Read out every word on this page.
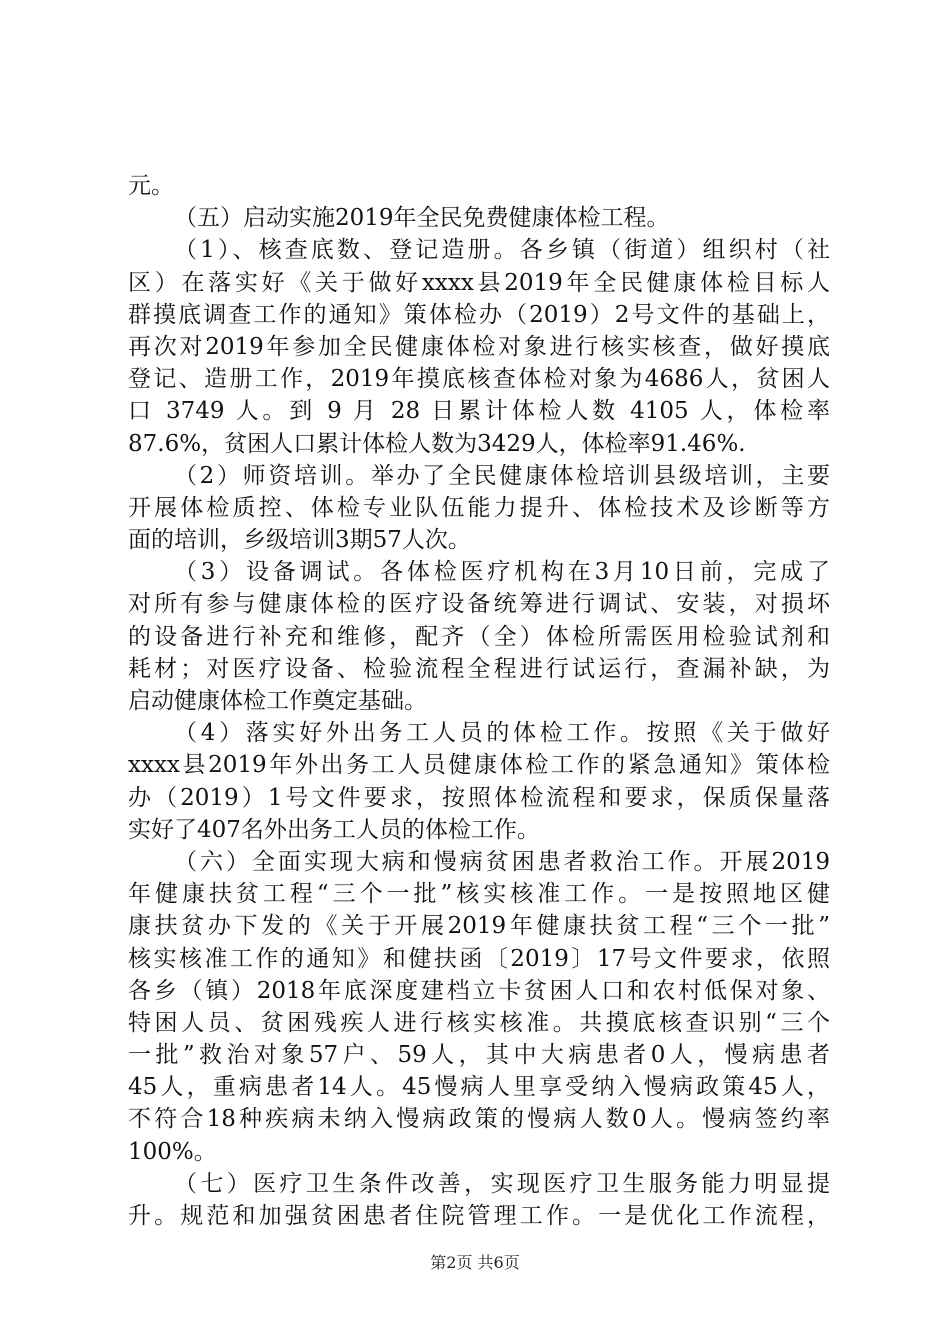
元。
（五）启动实施2019年全民免费健康体检工程。
（1）、核查底数、登记造册。各乡镇（街道）组织村（社
区）在落实好《关于做好xxxx县2019年全民健康体检目标人
群摸底调查工作的通知》策体检办（2019）2号文件的基础上，
再次对2019年参加全民健康体检对象进行核实核查，做好摸底
登记、造册工作，2019年摸底核查体检对象为4686人，贫困人
口 3749 人。到 9 月 28 日累计体检人数 4105 人，体检率
87.6%，贫困人口累计体检人数为3429人，体检率91.46%.
（2）师资培训。举办了全民健康体检培训县级培训，主要
开展体检质控、体检专业队伍能力提升、体检技术及诊断等方
面的培训，乡级培训3期57人次。
（3）设备调试。各体检医疗机构在3月10日前，完成了
对所有参与健康体检的医疗设备统筹进行调试、安装，对损坏
的设备进行补充和维修，配齐（全）体检所需医用检验试剂和
耗材；对医疗设备、检验流程全程进行试运行，查漏补缺，为
启动健康体检工作奠定基础。
（4）落实好外出务工人员的体检工作。按照《关于做好
xxxx县2019年外出务工人员健康体检工作的紧急通知》策体检
办（2019）1号文件要求，按照体检流程和要求，保质保量落
实好了407名外出务工人员的体检工作。
（六）全面实现大病和慢病贫困患者救治工作。开展2019
年健康扶贫工程“三个一批”核实核准工作。一是按照地区健
康扶贫办下发的《关于开展2019年健康扶贫工程“三个一批”
核实核准工作的通知》和健扶函〔2019〕17号文件要求，依照
各乡（镇）2018年底深度建档立卡贫困人口和农村低保对象、
特困人员、贫困残疾人进行核实核准。共摸底核查识别“三个
一批”救治对象57户、59人，其中大病患者0人，慢病患者
45人，重病患者14人。45慢病人里享受纳入慢病政策45人，
不符合18种疾病未纳入慢病政策的慢病人数0人。慢病签约率
100%。
（七）医疗卫生条件改善，实现医疗卫生服务能力明显提
升。规范和加强贫困患者住院管理工作。一是优化工作流程，
第2页 共6页
